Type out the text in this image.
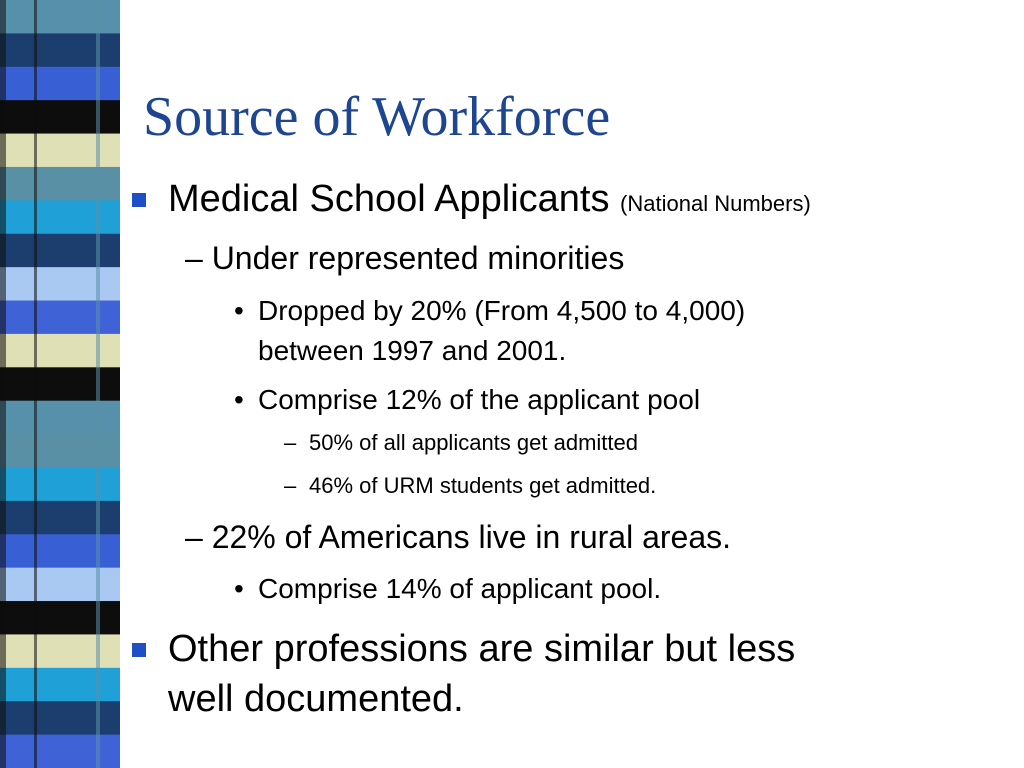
Source of Workforce
Medical School Applicants (National Numbers)
– Under represented minorities
• Dropped by 20% (From 4,500 to 4,000)
between 1997 and 2001.
• Comprise 12% of the applicant pool
– 50% of all applicants get admitted
– 46% of URM students get admitted.
– 22% of Americans live in rural areas.
• Comprise 14% of applicant pool.
Other professions are similar but less
well documented.
